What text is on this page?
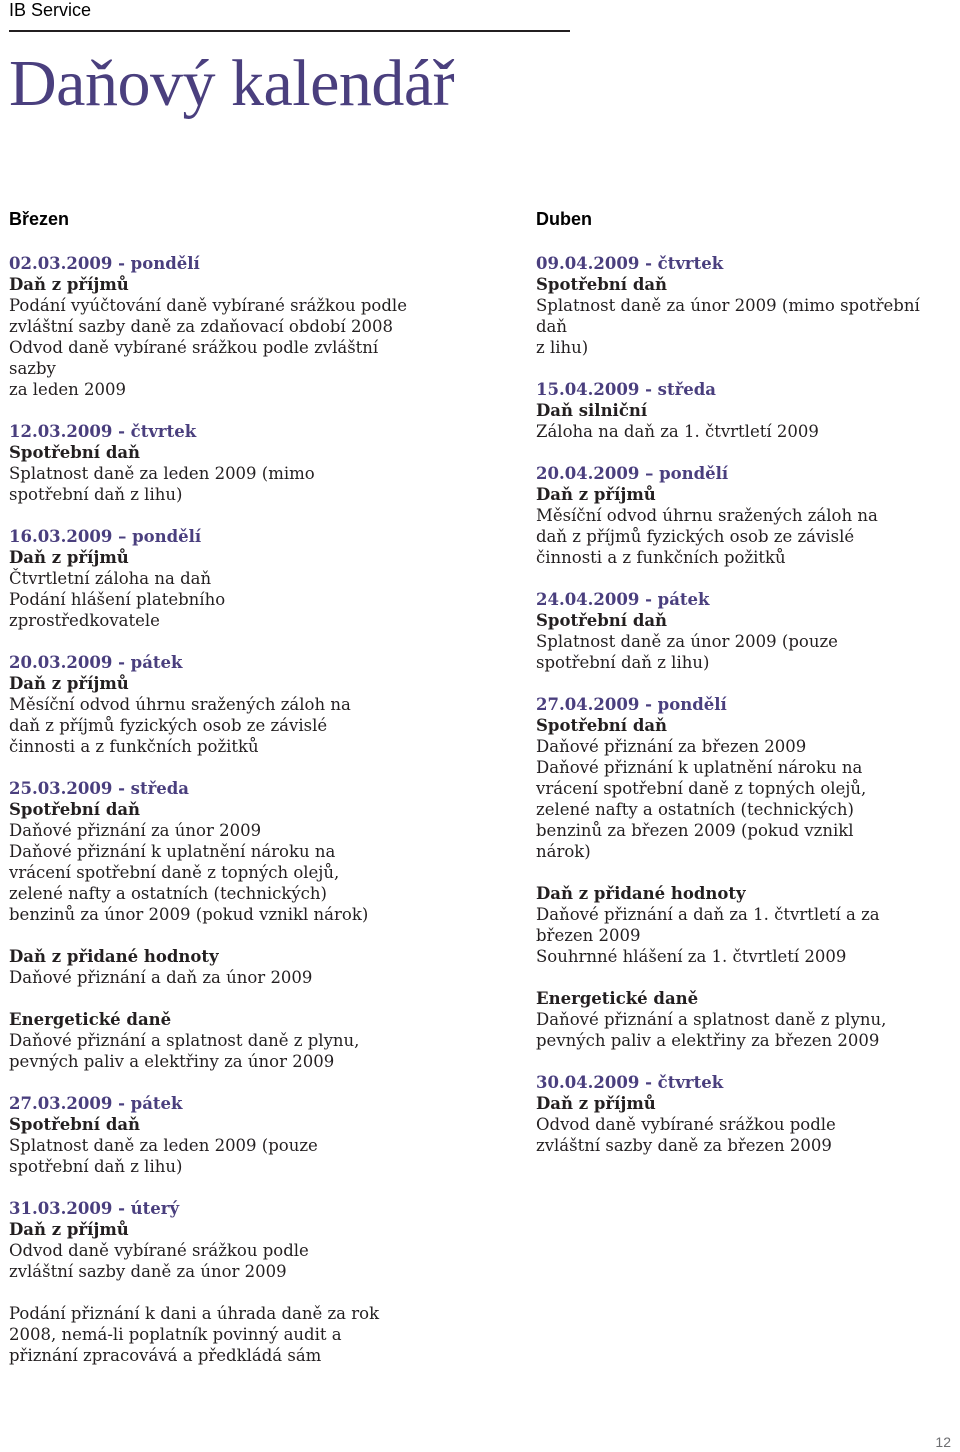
IB Service
Daňový kalendář
Březen
02.03.2009 - pondělí
Daň z příjmů
Podání vyúčtování daně vybírané srážkou podle
zvláštní sazby daně za zdaňovací období 2008
Odvod daně vybírané srážkou podle zvláštní sazby
za leden 2009
12.03.2009 - čtvrtek
Spotřební daň
Splatnost daně za leden 2009 (mimo
spotřební daň z lihu)
16.03.2009 – pondělí
Daň z příjmů
Čtvrtletní záloha na daň
Podání hlášení platebního
zprostředkovatele
20.03.2009 - pátek
Daň z příjmů
Měsíční odvod úhrnu sražených záloh na
daň z příjmů fyzických osob ze závislé
činnosti a z funkčních požitků
25.03.2009 - středa
Spotřební daň
Daňové přiznání za únor 2009
Daňové přiznání k uplatnění nároku na
vrácení spotřební daně z topných olejů,
zelené nafty a ostatních (technických)
benzinů za únor 2009 (pokud vznikl nárok)
Daň z přidané hodnoty
Daňové přiznání a daň za únor 2009
Energetické daně
Daňové přiznání a splatnost daně z plynu,
pevných paliv a elektřiny za únor 2009
27.03.2009 - pátek
Spotřební daň
Splatnost daně za leden 2009 (pouze
spotřební daň z lihu)
31.03.2009 - úterý
Daň z příjmů
Odvod daně vybírané srážkou podle
zvláštní sazby daně za únor 2009
Podání přiznání k dani a úhrada daně za rok
2008, nemá-li poplatník povinný audit a
přiznání zpracovává a předkládá sám
Duben
09.04.2009 - čtvrtek
Spotřební daň
Splatnost daně za únor 2009 (mimo spotřební daň
z lihu)
15.04.2009 - středa
Daň silniční
Záloha na daň za 1. čtvrtletí 2009
20.04.2009 – pondělí
Daň z příjmů
Měsíční odvod úhrnu sražených záloh na
daň z příjmů fyzických osob ze závislé
činnosti a z funkčních požitků
24.04.2009 - pátek
Spotřební daň
Splatnost daně za únor 2009 (pouze
spotřební daň z lihu)
27.04.2009 - pondělí
Spotřební daň
Daňové přiznání za březen 2009
Daňové přiznání k uplatnění nároku na
vrácení spotřební daně z topných olejů,
zelené nafty a ostatních (technických)
benzinů za březen 2009 (pokud vznikl
nárok)
Daň z přidané hodnoty
Daňové přiznání a daň za 1. čtvrtletí a za
březen 2009
Souhrnné hlášení za 1. čtvrtletí 2009
Energetické daně
Daňové přiznání a splatnost daně z plynu,
pevných paliv a elektřiny za březen 2009
30.04.2009 - čtvrtek
Daň z příjmů
Odvod daně vybírané srážkou podle
zvláštní sazby daně za březen 2009
12
